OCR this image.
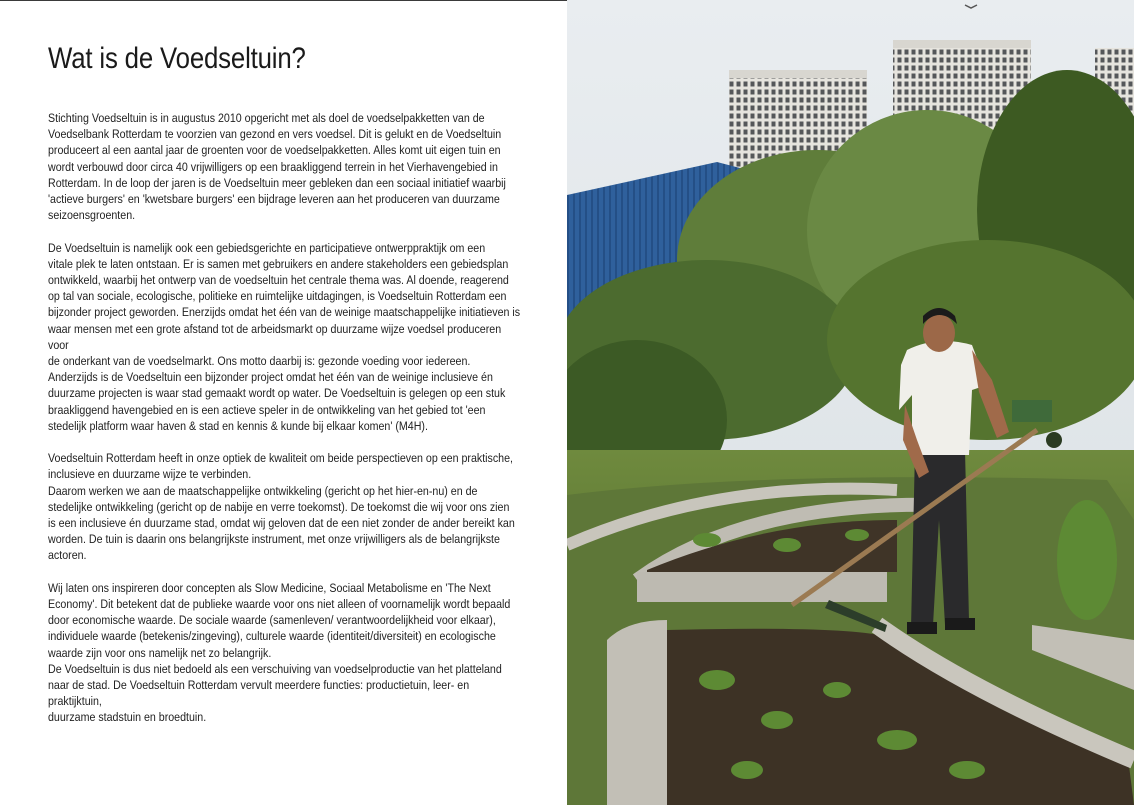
Wat is de Voedseltuin?

Stichting Voedseltuin is in augustus 2010 opgericht met als doel de voedselpakketten van de
Voedselbank Rotterdam te voorzien van gezond en vers voedsel. Dit is gelukt en de Voedseltuin
produceert al een aantal jaar de groenten voor de voedselpakketten. Alles komt uit eigen tuin en
wordt verbouwd door circa 40 vrijwilligers op een braakliggend terrein in het Vierhavengebied in
Rotterdam. In de loop der jaren is de Voedseltuin meer gebleken dan een sociaal initiatief waarbij
'actieve burgers' en 'kwetsbare burgers' een bijdrage leveren aan het produceren van duurzame
seizoensgroenten.

De Voedseltuin is namelijk ook een gebiedsgerichte en participatieve ontwerppraktijk om een
vitale plek te laten ontstaan. Er is samen met gebruikers en andere stakeholders een gebiedsplan
ontwikkeld, waarbij het ontwerp van de voedseltuin het centrale thema was. Al doende, reagerend
op tal van sociale, ecologische, politieke en ruimtelijke uitdagingen, is Voedseltuin Rotterdam een
bijzonder project geworden. Enerzijds omdat het één van de weinige maatschappelijke initiatieven is
waar mensen met een grote afstand tot de arbeidsmarkt op duurzame wijze voedsel produceren voor
de onderkant van de voedselmarkt. Ons motto daarbij is: gezonde voeding voor iedereen.
Anderzijds is de Voedseltuin een bijzonder project omdat het één van de weinige inclusieve én
duurzame projecten is waar stad gemaakt wordt op water. De Voedseltuin is gelegen op een stuk
braakliggend havengebied en is een actieve speler in de ontwikkeling van het gebied tot 'een
stedelijk platform waar haven & stad en kennis & kunde bij elkaar komen' (M4H).

Voedseltuin Rotterdam heeft in onze optiek de kwaliteit om beide perspectieven op een praktische,
inclusieve en duurzame wijze te verbinden.
Daarom werken we aan de maatschappelijke ontwikkeling (gericht op het hier-en-nu) en de
stedelijke ontwikkeling (gericht op de nabije en verre toekomst). De toekomst die wij voor ons zien
is een inclusieve én duurzame stad, omdat wij geloven dat de een niet zonder de ander bereikt kan
worden. De tuin is daarin ons belangrijkste instrument, met onze vrijwilligers als de belangrijkste
actoren.

Wij laten ons inspireren door concepten als Slow Medicine, Sociaal Metabolisme en 'The Next
Economy'. Dit betekent dat de publieke waarde voor ons niet alleen of voornamelijk wordt bepaald
door economische waarde. De sociale waarde (samenleven/ verantwoordelijkheid voor elkaar),
individuele waarde (betekenis/zingeving), culturele waarde (identiteit/diversiteit) en ecologische
waarde zijn voor ons namelijk net zo belangrijk.
De Voedseltuin is dus niet bedoeld als een verschuiving van voedselproductie van het platteland
naar de stad. De Voedseltuin Rotterdam vervult meerdere functies: productietuin, leer- en praktijktuin,
duurzame stadstuin en broedtuin.
